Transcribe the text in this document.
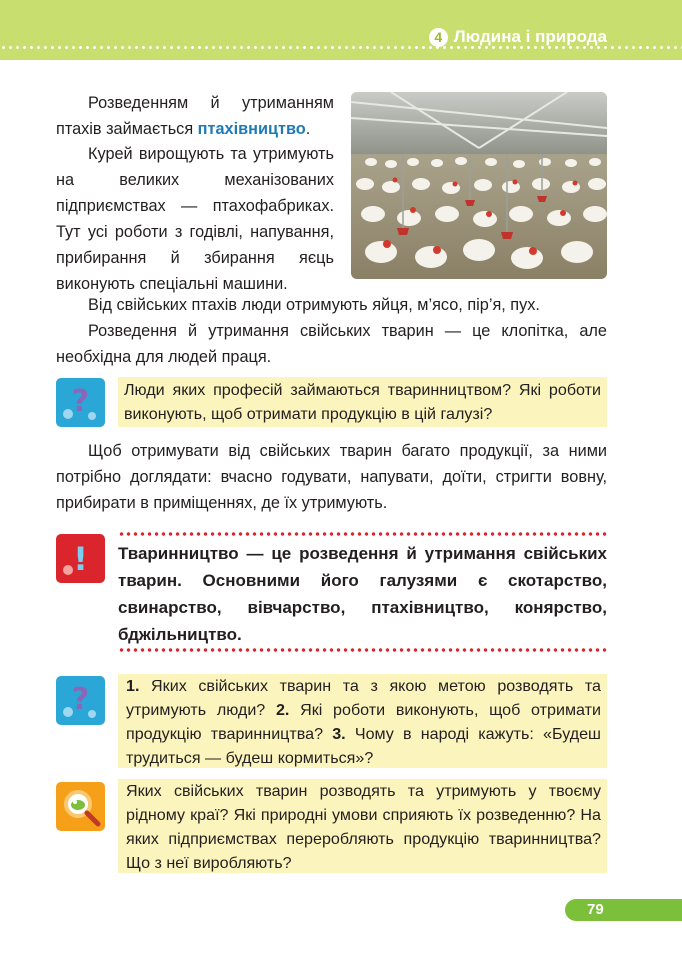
4 Людина і природа
Розведенням й утриманням птахів займається птахівництво.
Курей вирощують та утримують на великих механізованих підприємствах — птахофабриках. Тут усі роботи з годівлі, напування, прибирання й збирання яєць виконують спеціальні машини.
Від свійських птахів люди отримують яйця, м’ясо, пір’я, пух.
Розведення й утримання свійських тварин — це клопітка, але необхідна для людей праця.
?	Люди яких професій займаються тваринництвом? Які роботи виконують, щоб отримати продукцію в цій галузі?
Щоб отримувати від свійських тварин багато продукції, за ними потрібно доглядати: вчасно годувати, напувати, доїти, стригти вовну, прибирати в приміщеннях, де їх утримують.
! Тваринництво — це розведення й утримання свійських тварин. Основними його галузями є скотарство, свинарство, вівчарство, птахівництво, конярство, бджільництво.
?	1. Яких свійських тварин та з якою метою розводять та утримують люди? 2. Які роботи виконують, щоб отримати продукцію тваринництва? 3. Чому в народі кажуть: «Будеш трудиться — будеш кормиться»?
Яких свійських тварин розводять та утримують у твоєму рідному краї? Які природні умови сприяють їх розведенню? На яких підприємствах переробляють продукцію тваринництва? Що з неї виробляють?
79
